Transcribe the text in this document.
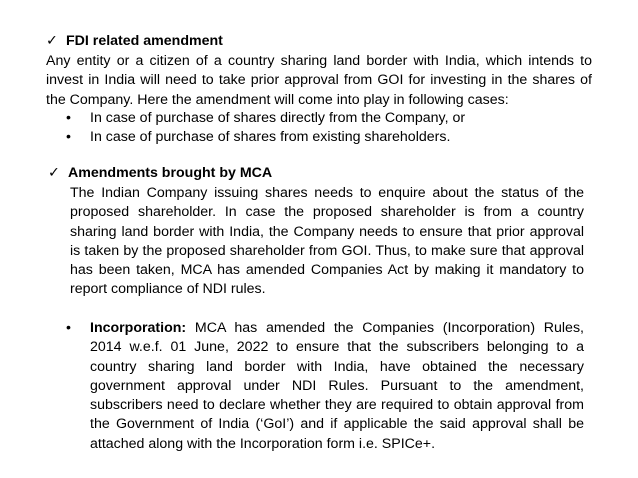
✓ FDI related amendment
Any entity or a citizen of a country sharing land border with India, which intends to invest in India will need to take prior approval from GOI for investing in the shares of the Company. Here the amendment will come into play in following cases:
• In case of purchase of shares directly from the Company, or
• In case of purchase of shares from existing shareholders.
✓ Amendments brought by MCA
The Indian Company issuing shares needs to enquire about the status of the proposed shareholder. In case the proposed shareholder is from a country sharing land border with India, the Company needs to ensure that prior approval is taken by the proposed shareholder from GOI. Thus, to make sure that approval has been taken, MCA has amended Companies Act by making it mandatory to report compliance of NDI rules.
• Incorporation: MCA has amended the Companies (Incorporation) Rules, 2014 w.e.f. 01 June, 2022 to ensure that the subscribers belonging to a country sharing land border with India, have obtained the necessary government approval under NDI Rules. Pursuant to the amendment, subscribers need to declare whether they are required to obtain approval from the Government of India (‘GoI’) and if applicable the said approval shall be attached along with the Incorporation form i.e. SPICe+.
